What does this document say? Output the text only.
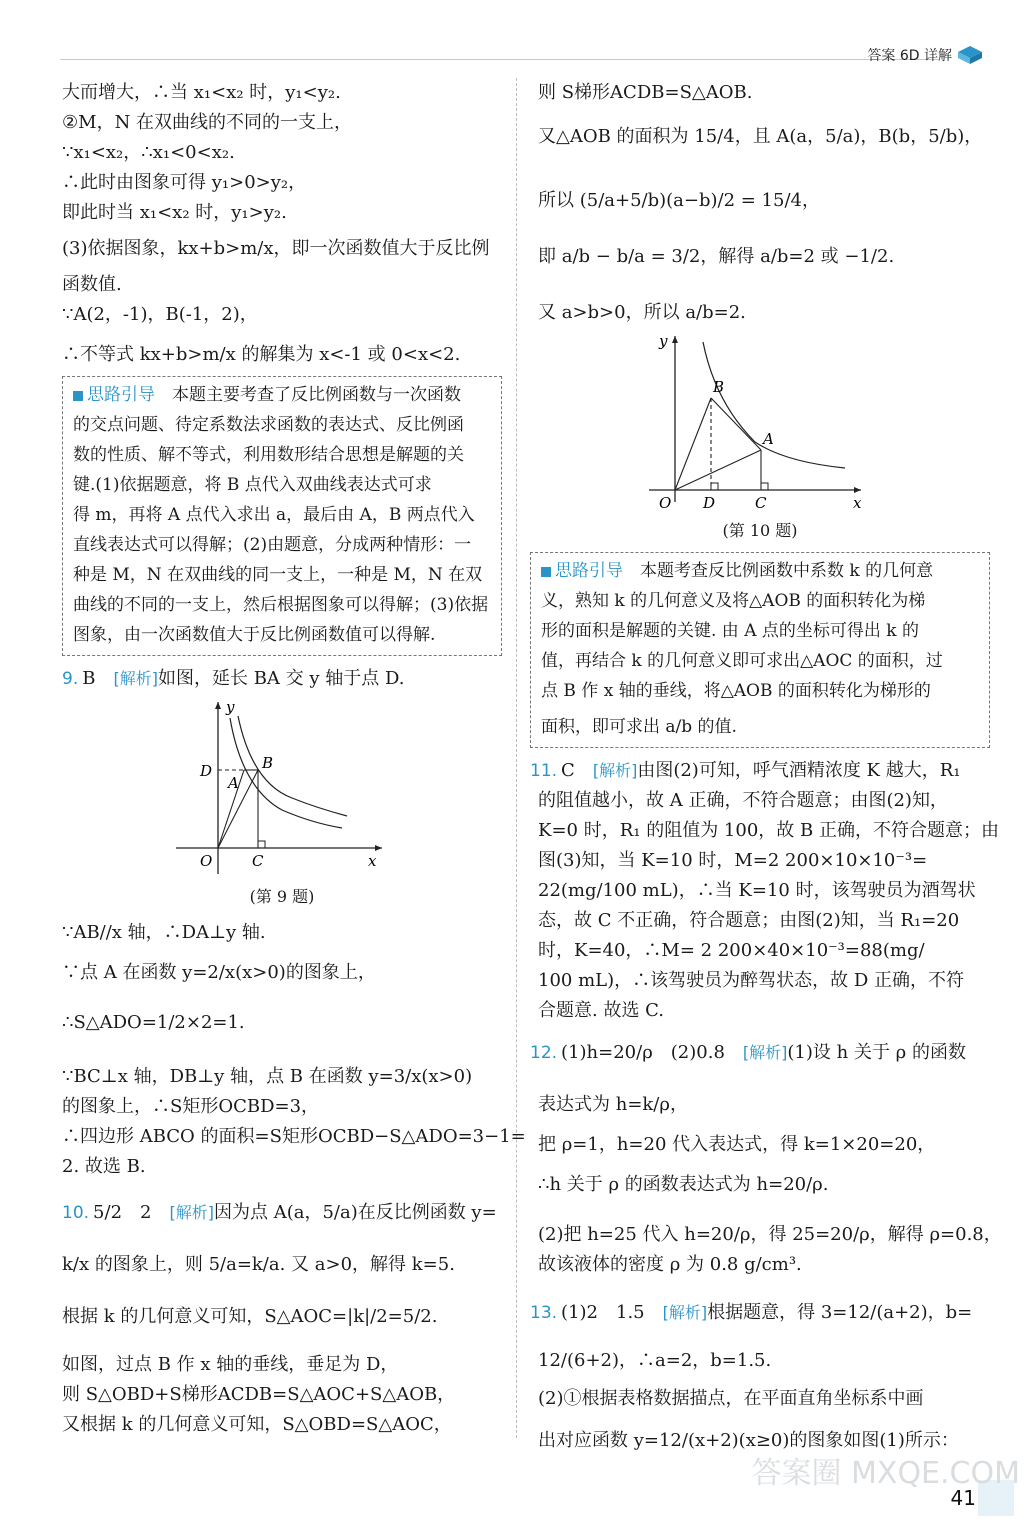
答案 6D 详解
大而增大，∴当 x₁<x₂ 时，y₁<y₂.
②M，N 在双曲线的不同的一支上，
∵x₁<x₂，∴x₁<0<x₂.
∴此时由图象可得 y₁>0>y₂，
即此时当 x₁<x₂ 时，y₁>y₂.
(3)依据图象，kx+b>m/x，即一次函数值大于反比例
函数值.
∵A(2，-1)，B(-1，2)，
∴不等式 kx+b>m/x 的解集为 x<-1 或 0<x<2.
思路引导　 本题主要考查了反比例函数与一次函数
的交点问题、待定系数法求函数的表达式、反比例函
数的性质、解不等式，利用数形结合思想是解题的关
键.(1)依据题意，将 B 点代入双曲线表达式可求
得 m，再将 A 点代入求出 a，最后由 A，B 两点代入
直线表达式可以得解；(2)由题意，分成两种情形：一
种是 M，N 在双曲线的同一支上，一种是 M，N 在双
曲线的不同的一支上，然后根据图象可以得解；(3)依据
图象，由一次函数值大于反比例函数值可以得解.
9. B　 [解析]如图，延长 BA 交 y 轴于点 D.
y
x
O
D
A
B
C
(第 9 题)
∵AB//x 轴，∴DA⊥y 轴.
∵点 A 在函数 y=2/x(x>0)的图象上，
∴S△ADO=1/2×2=1.
∵BC⊥x 轴，DB⊥y 轴，点 B 在函数 y=3/x(x>0)
的图象上，∴S矩形OCBD=3，
∴四边形 ABCO 的面积=S矩形OCBD−S△ADO=3−1=
2. 故选 B.
10. 5/2　2　 [解析]因为点 A(a，5/a)在反比例函数 y=
k/x 的图象上，则 5/a=k/a. 又 a>0，解得 k=5.
根据 k 的几何意义可知，S△AOC=|k|/2=5/2.
如图，过点 B 作 x 轴的垂线，垂足为 D，
则 S△OBD+S梯形ACDB=S△AOC+S△AOB，
又根据 k 的几何意义可知，S△OBD=S△AOC，
则 S梯形ACDB=S△AOB.
又△AOB 的面积为 15/4，且 A(a，5/a)，B(b，5/b)，
所以 (5/a+5/b)(a−b)/2 = 15/4，
即 a/b − b/a = 3/2，解得 a/b=2 或 −1/2.
又 a>b>0，所以 a/b=2.
y
x
O D	C
A
B
(第 10 题)
思路引导　 本题考查反比例函数中系数 k 的几何意
义，熟知 k 的几何意义及将△AOB 的面积转化为梯
形的面积是解题的关键. 由 A 点的坐标可得出 k 的
值，再结合 k 的几何意义即可求出△AOC 的面积，过
点 B 作 x 轴的垂线，将△AOB 的面积转化为梯形的
面积，即可求出 a/b 的值.
11. C　 [解析]由图(2)可知，呼气酒精浓度 K 越大，R₁
的阻值越小，故 A 正确，不符合题意；由图(2)知，
K=0 时，R₁ 的阻值为 100，故 B 正确，不符合题意；由
图(3)知，当 K=10 时，M=2 200×10×10⁻³=
22(mg/100 mL)，∴当 K=10 时，该驾驶员为酒驾状
态，故 C 不正确，符合题意；由图(2)知，当 R₁=20
时，K=40，∴M= 2 200×40×10⁻³=88(mg/
100 mL)，∴该驾驶员为醉驾状态，故 D 正确，不符
合题意. 故选 C.
12. (1)h=20/ρ　(2)0.8　 [解析](1)设 h 关于 ρ 的函数
表达式为 h=k/ρ，
把 ρ=1，h=20 代入表达式，得 k=1×20=20，
∴h 关于 ρ 的函数表达式为 h=20/ρ.
(2)把 h=25 代入 h=20/ρ，得 25=20/ρ，解得 ρ=0.8，
故该液体的密度 ρ 为 0.8 g/cm³.
13. (1)2　1.5　 [解析]根据题意，得 3=12/(a+2)，b=
12/(6+2)，∴a=2，b=1.5.
(2)①根据表格数据描点，在平面直角坐标系中画
出对应函数 y=12/(x+2)(x≥0)的图象如图(1)所示：
答案圈 MXQE.COM
41
